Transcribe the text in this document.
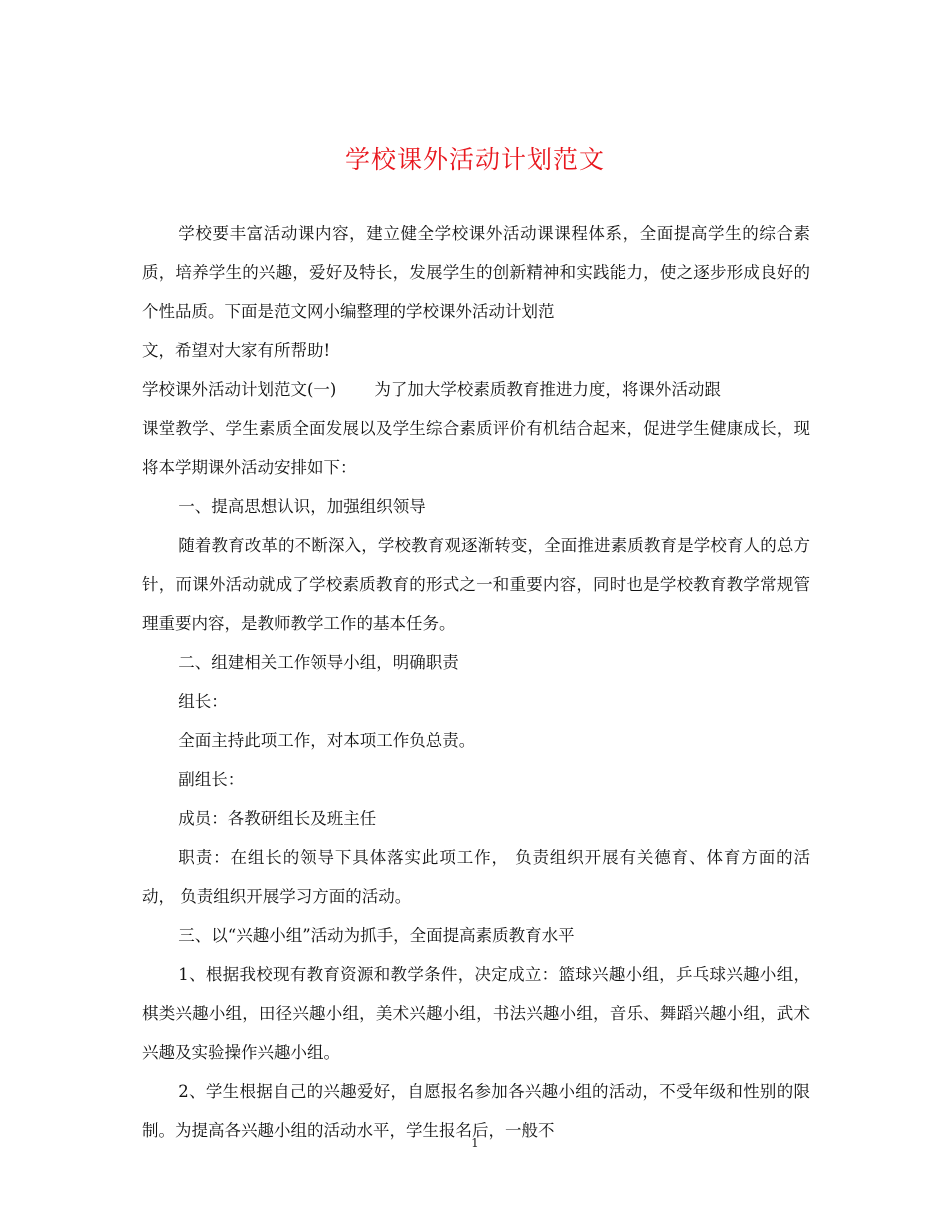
学校课外活动计划范文

学校要丰富活动课内容，建立健全学校课外活动课课程体系，全面提高学生的综合素质，培养学生的兴趣，爱好及特长，发展学生的创新精神和实践能力，使之逐步形成良好的个性品质。下面是范文网小编整理的学校课外活动计划范

文，希望对大家有所帮助!

学校课外活动计划范文(一) 为了加大学校素质教育推进力度，将课外活动跟

课堂教学、学生素质全面发展以及学生综合素质评价有机结合起来，促进学生健康成长，现将本学期课外活动安排如下：

一、提高思想认识，加强组织领导

随着教育改革的不断深入，学校教育观逐渐转变，全面推进素质教育是学校育人的总方针，而课外活动就成了学校素质教育的形式之一和重要内容，同时也是学校教育教学常规管理重要内容，是教师教学工作的基本任务。

二、组建相关工作领导小组，明确职责

组长：

全面主持此项工作，对本项工作负总责。

副组长：

成员：各教研组长及班主任

职责：在组长的领导下具体落实此项工作， 负责组织开展有关德育、体育方面的活动， 负责组织开展学习方面的活动。

三、以“兴趣小组”活动为抓手，全面提高素质教育水平

1、根据我校现有教育资源和教学条件，决定成立：篮球兴趣小组，乒乓球兴趣小组，棋类兴趣小组，田径兴趣小组，美术兴趣小组，书法兴趣小组，音乐、舞蹈兴趣小组，武术兴趣及实验操作兴趣小组。

2、学生根据自己的兴趣爱好，自愿报名参加各兴趣小组的活动，不受年级和性别的限制。为提高各兴趣小组的活动水平，学生报名后，一般不

1
